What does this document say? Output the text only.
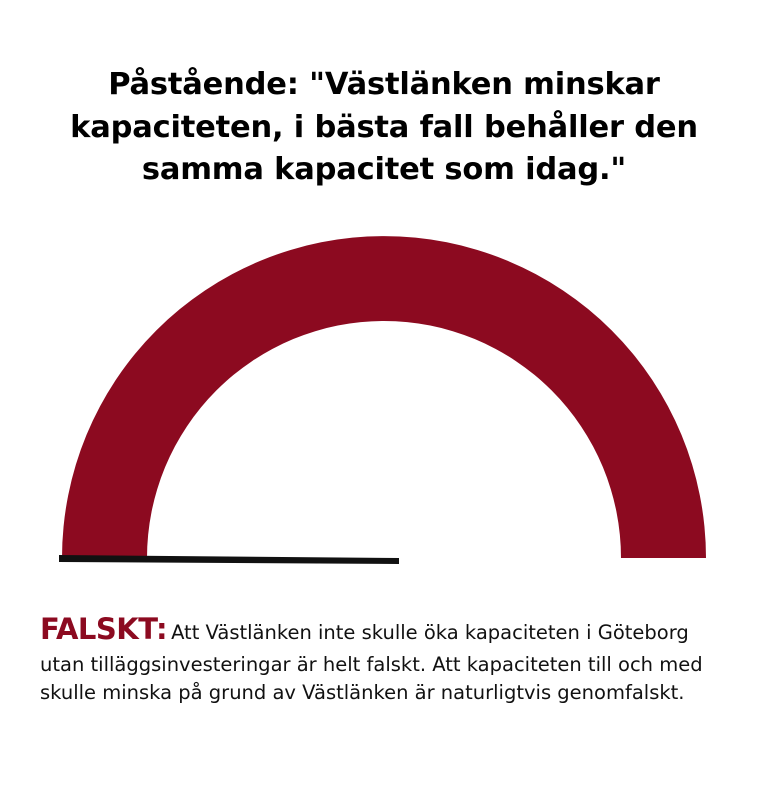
Påstående: "Västlänken minskar kapaciteten, i bästa fall behåller den samma kapacitet som idag."
FALSKT: Att Västlänken inte skulle öka kapaciteten i Göteborg utan tilläggsinvesteringar är helt falskt. Att kapaciteten till och med skulle minska på grund av Västlänken är naturligtvis genomfalskt.
